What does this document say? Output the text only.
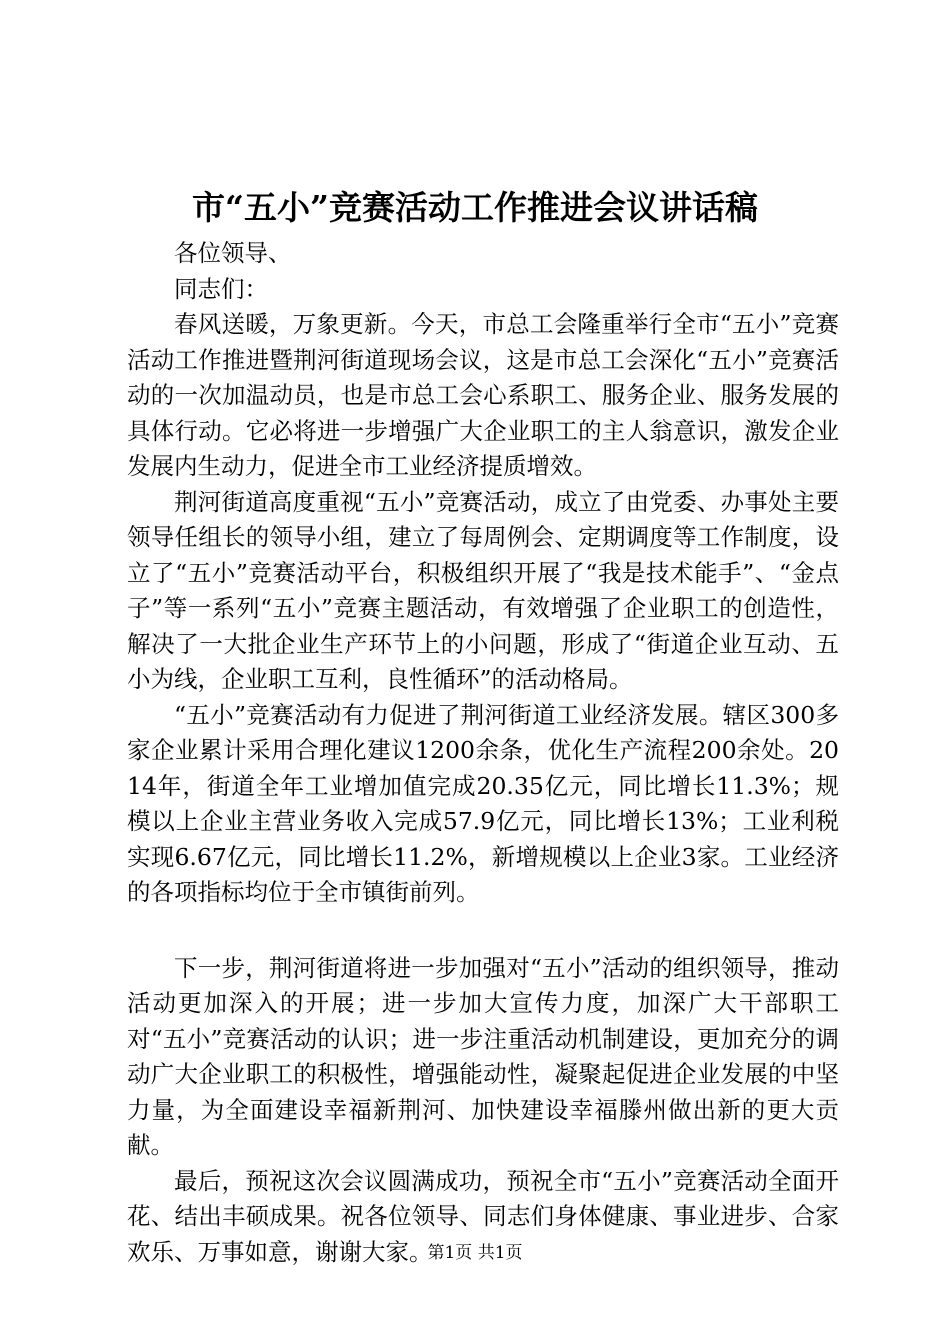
市“五小”竞赛活动工作推进会议讲话稿

各位领导、

同志们：

春风送暖，万象更新。今天，市总工会隆重举行全市“五小”竞赛活动工作推进暨荆河街道现场会议，这是市总工会深化“五小”竞赛活动的一次加温动员，也是市总工会心系职工、服务企业、服务发展的具体行动。它必将进一步增强广大企业职工的主人翁意识，激发企业发展内生动力，促进全市工业经济提质增效。

荆河街道高度重视“五小”竞赛活动，成立了由党委、办事处主要领导任组长的领导小组，建立了每周例会、定期调度等工作制度，设立了“五小”竞赛活动平台，积极组织开展了“我是技术能手”、“金点子”等一系列“五小”竞赛主题活动，有效增强了企业职工的创造性，解决了一大批企业生产环节上的小问题，形成了“街道企业互动、五小为线，企业职工互利，良性循环”的活动格局。

“五小”竞赛活动有力促进了荆河街道工业经济发展。辖区300多家企业累计采用合理化建议1200余条，优化生产流程200余处。2014年，街道全年工业增加值完成20.35亿元，同比增长11.3%；规模以上企业主营业务收入完成57.9亿元，同比增长13%；工业利税实现6.67亿元，同比增长11.2%，新增规模以上企业3家。工业经济的各项指标均位于全市镇街前列。

下一步，荆河街道将进一步加强对“五小”活动的组织领导，推动活动更加深入的开展；进一步加大宣传力度，加深广大干部职工对“五小”竞赛活动的认识；进一步注重活动机制建设，更加充分的调动广大企业职工的积极性，增强能动性，凝聚起促进企业发展的中坚力量，为全面建设幸福新荆河、加快建设幸福滕州做出新的更大贡献。

最后，预祝这次会议圆满成功，预祝全市“五小”竞赛活动全面开花、结出丰硕成果。祝各位领导、同志们身体健康、事业进步、合家欢乐、万事如意，谢谢大家。

第1页 共1页
